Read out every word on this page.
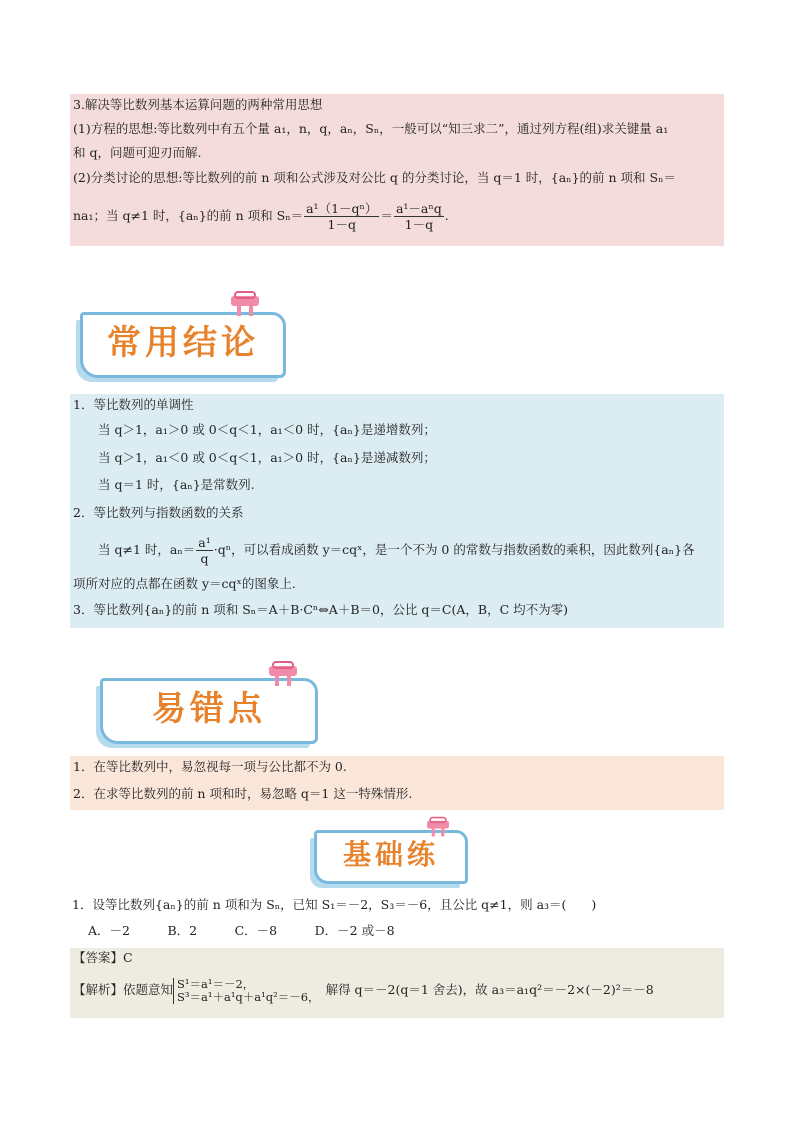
3.解决等比数列基本运算问题的两种常用思想
(1)方程的思想:等比数列中有五个量 a₁，n，q，aₙ，Sₙ，一般可以“知三求二”，通过列方程(组)求关键量 a₁
和 q，问题可迎刃而解.
(2)分类讨论的思想:等比数列的前 n 项和公式涉及对公比 q 的分类讨论，当 q＝1 时，{aₙ}的前 n 项和 Sₙ＝
na₁；当 q≠1 时，{aₙ}的前 n 项和 $S_n= \frac{\text{a¹（1－qⁿ）}}{1-q} = \frac{\text{a¹－aⁿq}}{1-q}$ .
常用结论
1．等比数列的单调性
当 q＞1，a₁＞0 或 0＜q＜1，a₁＜0 时，{aₙ}是递增数列；
当 q＞1，a₁＜0 或 0＜q＜1，a₁＞0 时，{aₙ}是递减数列；
当 q＝1 时，{aₙ}是常数列.
2．等比数列与指数函数的关系
当 q≠1 时，$a_n= \frac{\text{a¹}}{q} \cdot q^n$，可以看成函数 y＝cqˣ，是一个不为 0 的常数与指数函数的乘积，因此数列{aₙ}各
项所对应的点都在函数 y＝cqˣ的图象上.
3．等比数列{aₙ}的前 n 项和 Sₙ＝A＋B·Cⁿ⇔A＋B＝0，公比 q＝C(A，B，C 均不为零)
易错点
1．在等比数列中，易忽视每一项与公比都不为 0.
2．在求等比数列的前 n 项和时，易忽略 q＝1 这一特殊情形.
基础练
1．设等比数列{aₙ}的前 n 项和为 Sₙ，已知 S₁＝－2，S₃＝－6，且公比 q≠1，则 a₃＝(　　)
A．－2　　　B．2　　　C．－8　　　D．－2 或－8
【答案】C
【解析】依题意知 S¹＝a¹＝－2，
S³＝a¹＋a¹q＋a¹q²＝－6， 解得 q＝－2(q＝1 舍去)，故 a₃＝a₁q²＝－2×(－2)²＝－8
